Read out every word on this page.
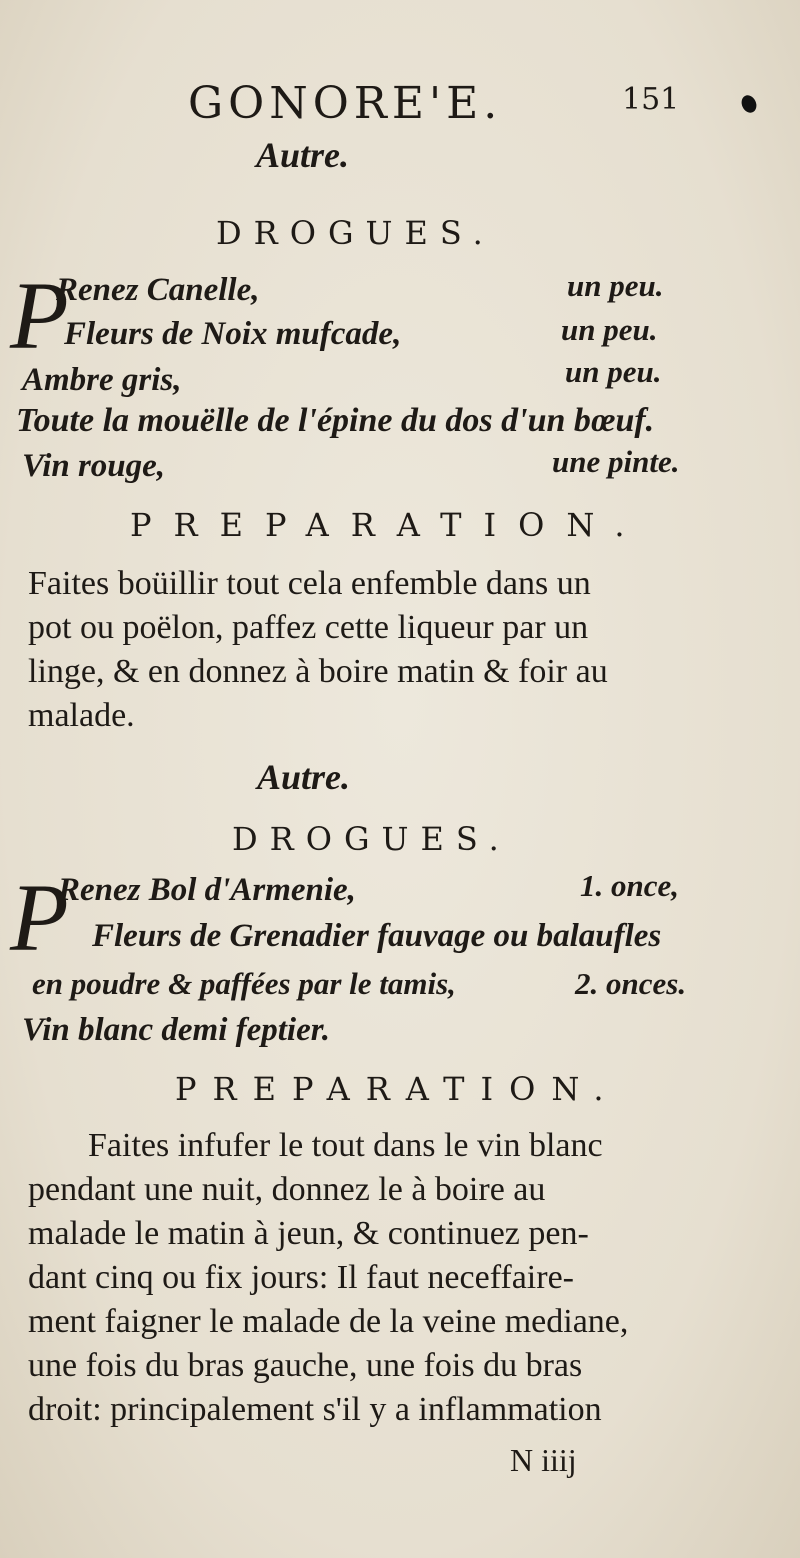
GONORE'E.	151
Autre.
DROGUES.
P
Renez Canelle,	un peu.
Fleurs de Noix mufcade,	un peu.
Ambre gris,	un peu.
Toute la mouëlle de l'épine du dos d'un bœuf.
Vin rouge,	une pinte.
PREPARATION.
Faites boüillir tout cela enfemble dans un
pot ou poëlon, paffez cette liqueur par un
linge, & en donnez à boire matin & foir au
malade.
Autre.
DROGUES.
P
Renez Bol d'Armenie,	1. once,
Fleurs de Grenadier fauvage ou balaufles
en poudre & paffées par le tamis,	2. onces.
Vin blanc demi feptier.
PREPARATION.
Faites infufer le tout dans le vin blanc
pendant une nuit, donnez le à boire au
malade le matin à jeun, & continuez pen-
dant cinq ou fix jours: Il faut neceffaire-
ment faigner le malade de la veine mediane,
une fois du bras gauche, une fois du bras
droit: principalement s'il y a inflammation
N iiij
